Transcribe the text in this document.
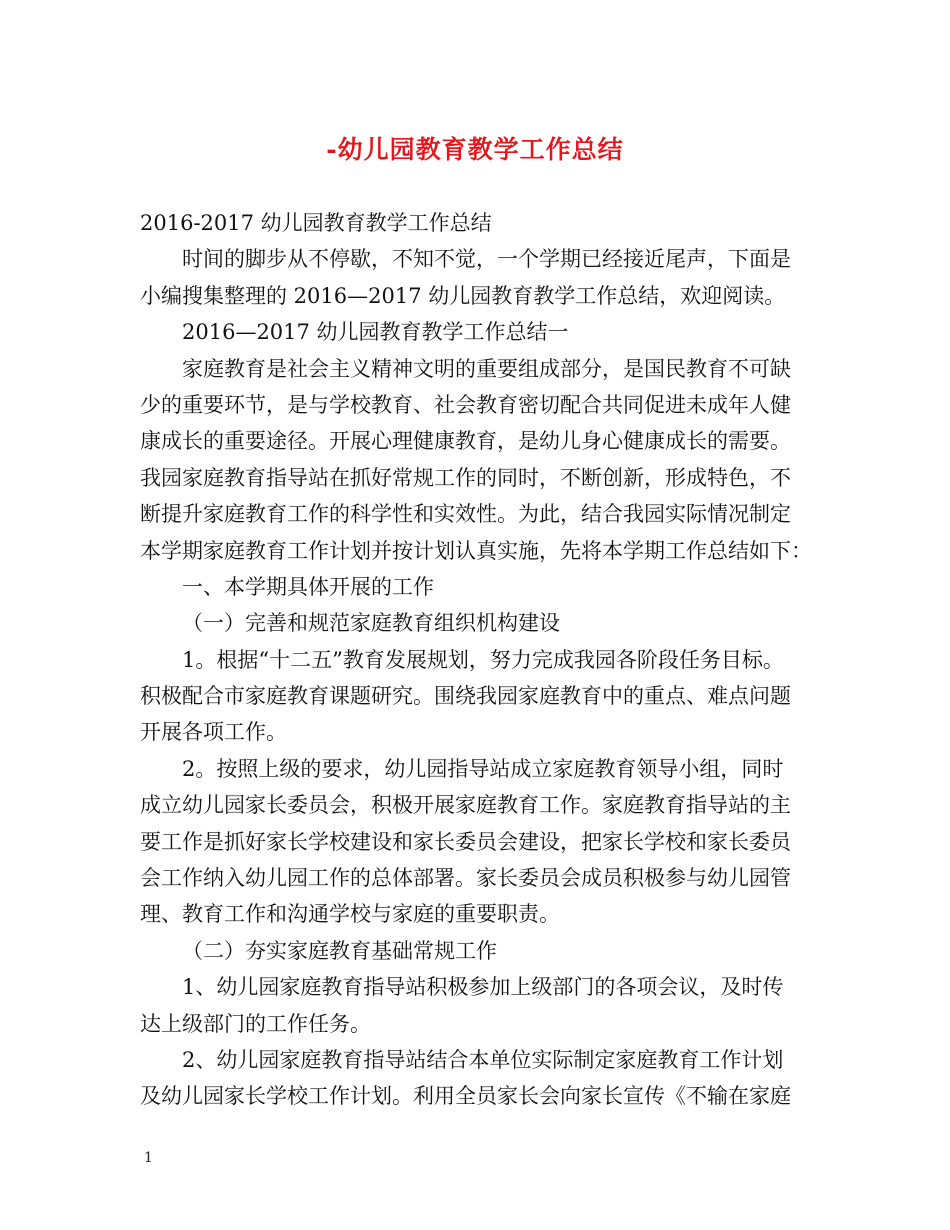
-幼儿园教育教学工作总结
2016-2017 幼儿园教育教学工作总结
时间的脚步从不停歇，不知不觉，一个学期已经接近尾声，下面是
小编搜集整理的 2016—2017 幼儿园教育教学工作总结，欢迎阅读。
2016—2017 幼儿园教育教学工作总结一
家庭教育是社会主义精神文明的重要组成部分，是国民教育不可缺
少的重要环节，是与学校教育、社会教育密切配合共同促进未成年人健
康成长的重要途径。开展心理健康教育，是幼儿身心健康成长的需要。
我园家庭教育指导站在抓好常规工作的同时，不断创新，形成特色，不
断提升家庭教育工作的科学性和实效性。为此，结合我园实际情况制定
本学期家庭教育工作计划并按计划认真实施，先将本学期工作总结如下：
一、本学期具体开展的工作
（一）完善和规范家庭教育组织机构建设
1。根据“十二五”教育发展规划，努力完成我园各阶段任务目标。
积极配合市家庭教育课题研究。围绕我园家庭教育中的重点、难点问题
开展各项工作。
2。按照上级的要求，幼儿园指导站成立家庭教育领导小组，同时
成立幼儿园家长委员会，积极开展家庭教育工作。家庭教育指导站的主
要工作是抓好家长学校建设和家长委员会建设，把家长学校和家长委员
会工作纳入幼儿园工作的总体部署。家长委员会成员积极参与幼儿园管
理、教育工作和沟通学校与家庭的重要职责。
（二）夯实家庭教育基础常规工作
1、幼儿园家庭教育指导站积极参加上级部门的各项会议，及时传
达上级部门的工作任务。
2、幼儿园家庭教育指导站结合本单位实际制定家庭教育工作计划
及幼儿园家长学校工作计划。利用全员家长会向家长宣传《不输在家庭
1
